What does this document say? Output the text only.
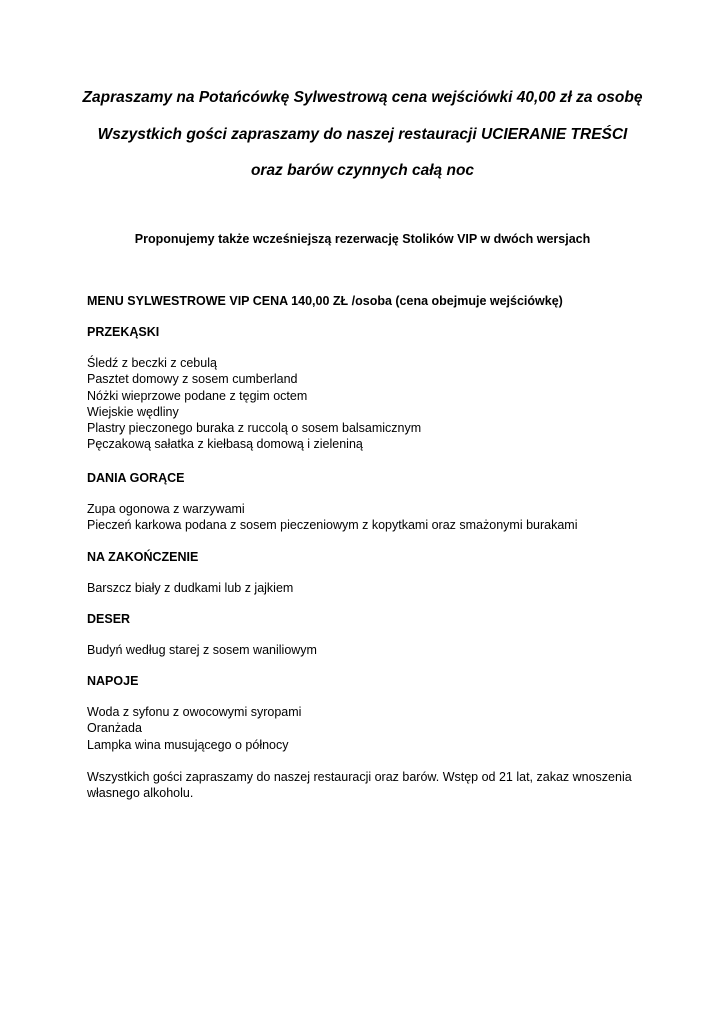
Zapraszamy na Potańcówkę Sylwestrową cena wejściówki 40,00 zł za osobę
Wszystkich gości zapraszamy do naszej restauracji UCIERANIE TREŚCI
oraz barów czynnych całą noc
Proponujemy także wcześniejszą rezerwację Stolików VIP w dwóch wersjach
MENU SYLWESTROWE VIP CENA 140,00 ZŁ /osoba (cena obejmuje wejściówkę)
PRZEKĄSKI
Śledź z beczki z cebulą
Pasztet domowy z sosem cumberland
Nóżki wieprzowe podane z tęgim octem
Wiejskie wędliny
Plastry pieczonego buraka z ruccolą o sosem balsamicznym
Pęczakową sałatka z kiełbasą domową i zieleniną
DANIA GORĄCE
Zupa ogonowa z warzywami
Pieczeń karkowa podana z sosem pieczeniowym z kopytkami oraz smażonymi burakami
NA ZAKOŃCZENIE
Barszcz biały z dudkami lub z jajkiem
DESER
Budyń według starej z sosem waniliowym
NAPOJE
Woda z syfonu z owocowymi syropami
Oranżada
Lampka wina musującego o północy
Wszystkich gości zapraszamy do naszej restauracji oraz barów. Wstęp od 21 lat, zakaz wnoszenia własnego alkoholu.
